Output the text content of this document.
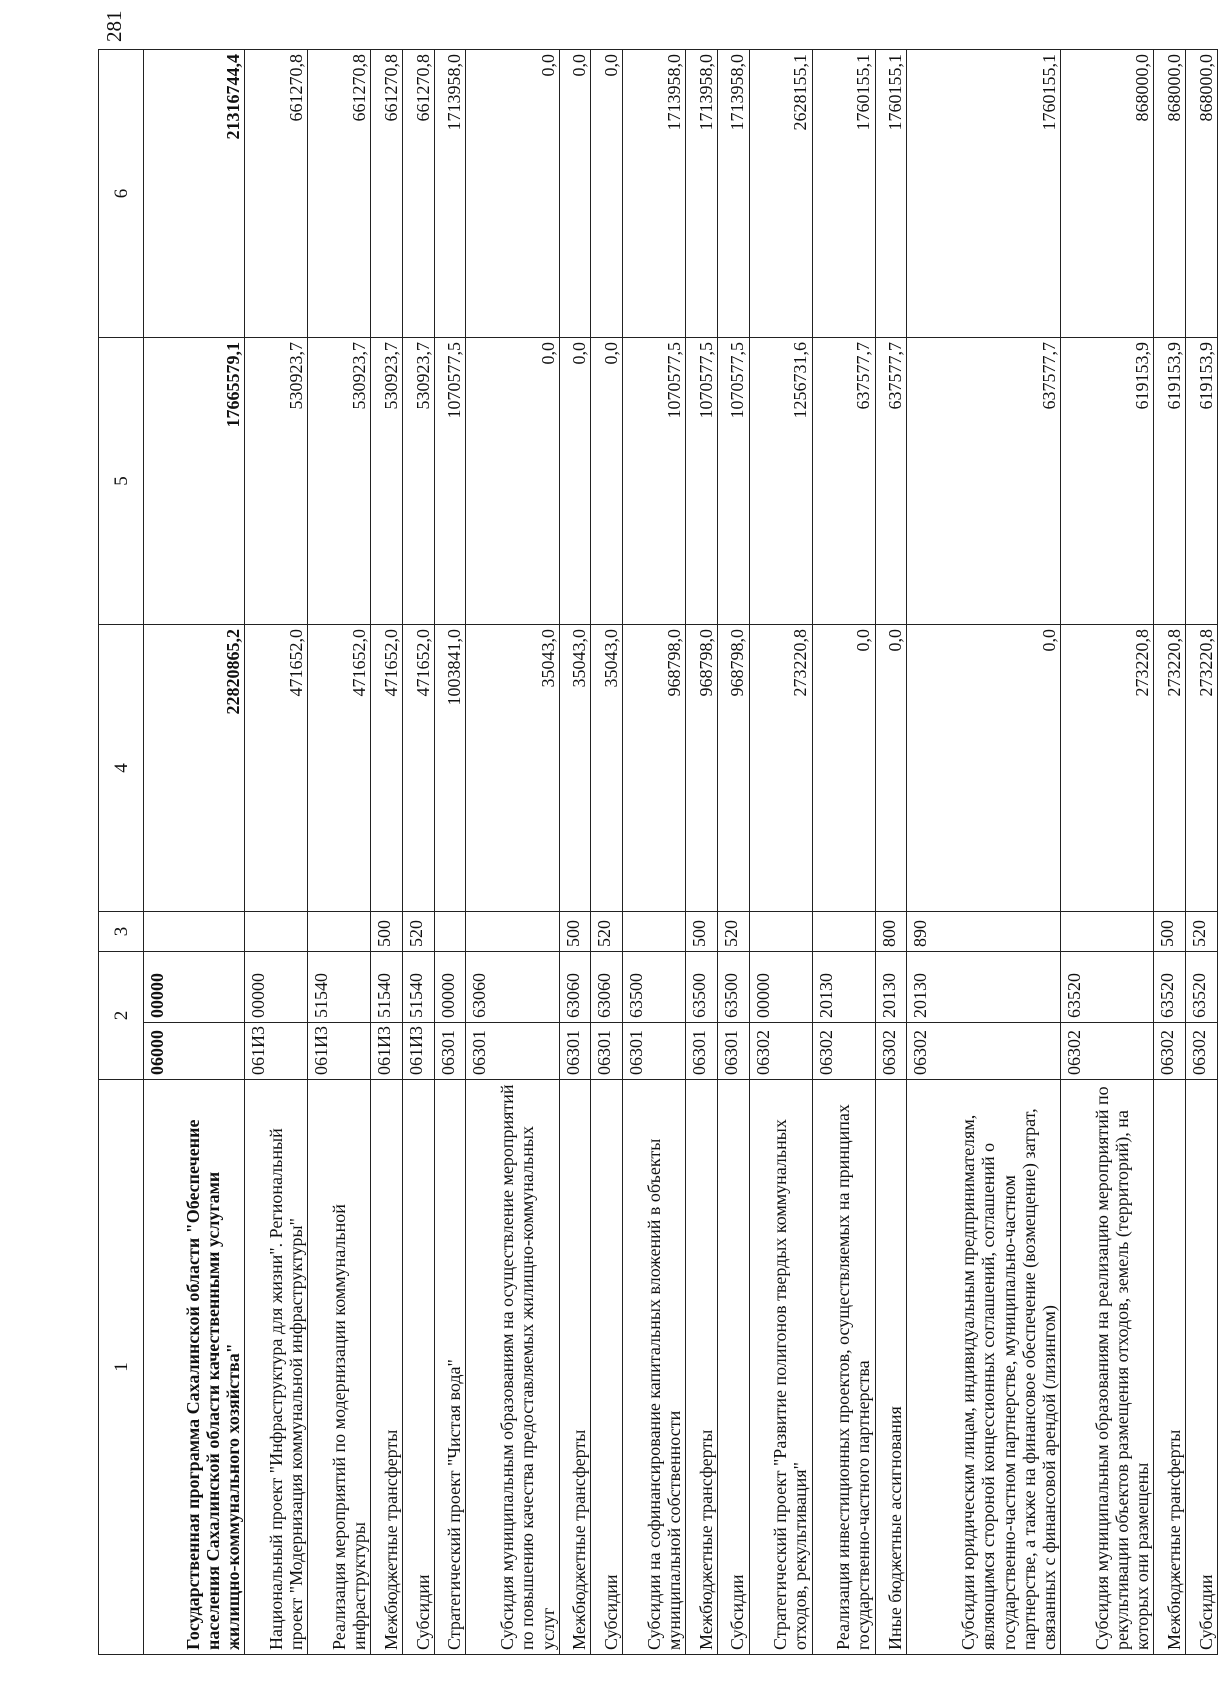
281
1	2		3	4	5	6
Государственная программа Сахалинской области "Обеспечение населения Сахалинской области качественными услугами жилищно-коммунального хозяйства"	06000	00000		22820865,2	17665579,1	21316744,4
Национальный проект "Инфраструктура для жизни". Региональный проект "Модернизация коммунальной инфраструктуры"	061И3	00000		471652,0	530923,7	661270,8
Реализация мероприятий по модернизации коммунальной инфраструктуры	061И3	51540		471652,0	530923,7	661270,8
Межбюджетные трансферты	061И3	51540	500	471652,0	530923,7	661270,8
Субсидии	061И3	51540	520	471652,0	530923,7	661270,8
Стратегический проект "Чистая вода"	06301	00000		1003841,0	1070577,5	1713958,0
Субсидия муниципальным образованиям на осуществление мероприятий по повышению качества предоставляемых жилищно-коммунальных услуг	06301	63060		35043,0	0,0	0,0
Межбюджетные трансферты	06301	63060	500	35043,0	0,0	0,0
Субсидии	06301	63060	520	35043,0	0,0	0,0
Субсидии на софинансирование капитальных вложений в объекты муниципальной собственности	06301	63500		968798,0	1070577,5	1713958,0
Межбюджетные трансферты	06301	63500	500	968798,0	1070577,5	1713958,0
Субсидии	06301	63500	520	968798,0	1070577,5	1713958,0
Стратегический проект "Развитие полигонов твердых коммунальных отходов, рекультивация"	06302	00000		273220,8	1256731,6	2628155,1
Реализация инвестиционных проектов, осуществляемых на принципах государственно-частного партнерства	06302	20130		0,0	637577,7	1760155,1
Иные бюджетные ассигнования	06302	20130	800	0,0	637577,7	1760155,1
Субсидии юридическим лицам, индивидуальным предпринимателям, являющимся стороной концессионных соглашений, соглашений о государственно-частном партнерстве, муниципально-частном партнерстве, а также на финансовое обеспечение (возмещение) затрат, связанных с финансовой арендой (лизингом)	06302	20130	890	0,0	637577,7	1760155,1
Субсидия муниципальным образованиям на реализацию мероприятий по рекультивации объектов размещения отходов, земель (территорий), на которых они размещены	06302	63520		273220,8	619153,9	868000,0
Межбюджетные трансферты	06302	63520	500	273220,8	619153,9	868000,0
Субсидии	06302	63520	520	273220,8	619153,9	868000,0
